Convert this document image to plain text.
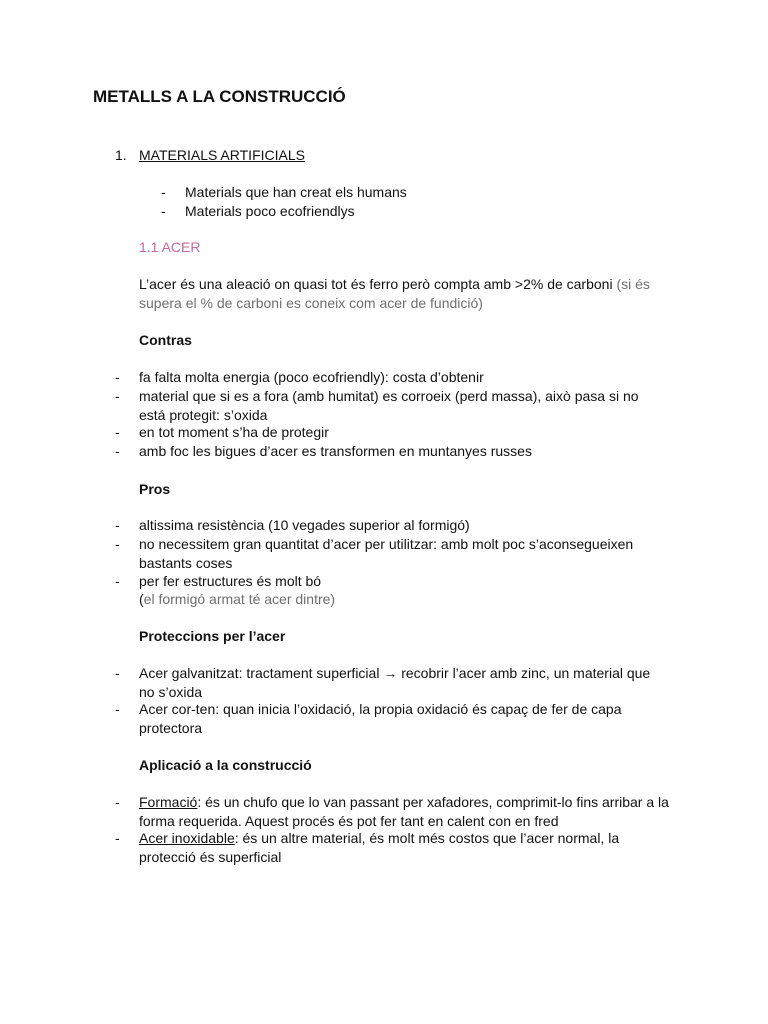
METALLS A LA CONSTRUCCIÓ
1. MATERIALS ARTIFICIALS
- Materials que han creat els humans
- Materials poco ecofriendlys
1.1 ACER
L’acer és una aleació on quasi tot és ferro però compta amb >2% de carboni (si és supera el % de carboni es coneix com acer de fundició)
Contras
- fa falta molta energia (poco ecofriendly): costa d’obtenir
- material que si es a fora (amb humitat) es corroeix (perd massa), això pasa si no está protegit: s’oxida
- en tot moment s’ha de protegir
- amb foc les bigues d’acer es transformen en muntanyes russes
Pros
- altissima resistència (10 vegades superior al formigó)
- no necessitem gran quantitat d’acer per utilitzar: amb molt poc s’aconsegueixen bastants coses
- per fer estructures és molt bó
(el formigó armat té acer dintre)
Proteccions per l’acer
- Acer galvanitzat: tractament superficial → recobrir l’acer amb zinc, un material que no s’oxida
- Acer cor-ten: quan inicia l’oxidació, la propia oxidació és capaç de fer de capa protectora
Aplicació a la construcció
- Formació: és un chufo que lo van passant per xafadores, comprimit-lo fins arribar a la forma requerida. Aquest procés és pot fer tant en calent con en fred
- Acer inoxidable: és un altre material, és molt més costos que l’acer normal, la protecció és superficial
